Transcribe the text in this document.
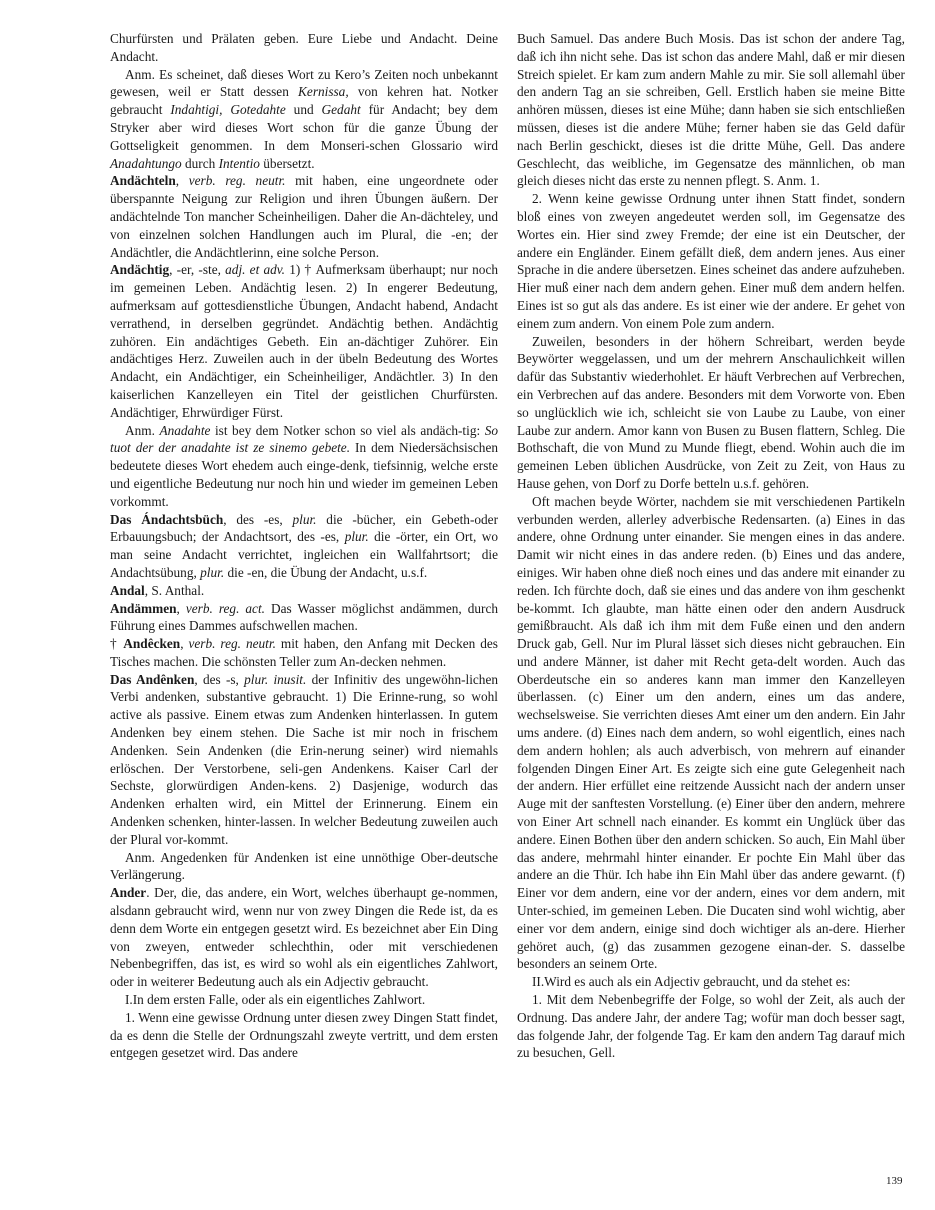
Churfürsten und Prälaten geben. Eure Liebe und Andacht. Deine Andacht.

Anm. Es scheinet, daß dieses Wort zu Kero’s Zeiten noch unbekannt gewesen, weil er Statt dessen Kernissa, von kehren hat. Notker gebraucht Indahtigi, Gotedahte und Gedaht für Andacht; bey dem Stryker aber wird dieses Wort schon für die ganze Übung der Gottseligkeit genommen. In dem Monseri-schen Glossario wird Anadahtungo durch Intentio übersetzt.

Andächteln, verb. reg. neutr. mit haben, eine ungeordnete oder überspannte Neigung zur Religion und ihren Übungen äußern. Der andächtelnde Ton mancher Scheinheiligen. Daher die An-dächteley, und von einzelnen solchen Handlungen auch im Plural, die -en; der Andächtler, die Andächtlerinn, eine solche Person.

Andächtig, -er, -ste, adj. et adv. 1) † Aufmerksam überhaupt; nur noch im gemeinen Leben. Andächtig lesen. 2) In engerer Bedeutung, aufmerksam auf gottesdienstliche Übungen, Andacht habend, Andacht verrathend, in derselben gegründet. Andächtig bethen. Andächtig zuhören. Ein andächtiges Gebeth. Ein an-dächtiger Zuhörer. Ein andächtiges Herz. Zuweilen auch in der übeln Bedeutung des Wortes Andacht, ein Andächtiger, ein Scheinheiliger, Andächtler. 3) In den kaiserlichen Kanzelleyen ein Titel der geistlichen Churfürsten. Andächtiger, Ehrwürdiger Fürst.

Anm. Anadahte ist bey dem Notker schon so viel als andäch-tig: So tuot der der anadahte ist ze sinemo gebete. In dem Niedersächsischen bedeutete dieses Wort ehedem auch einge-denk, tiefsinnig, welche erste und eigentliche Bedeutung nur noch hin und wieder im gemeinen Leben vorkommt.

Das Ándachtsbüch, des -es, plur. die -bücher, ein Gebeth-oder Erbauungsbuch; der Andachtsort, des -es, plur. die -örter, ein Ort, wo man seine Andacht verrichtet, ingleichen ein Wallfahrtsort; die Andachtsübung, plur. die -en, die Übung der Andacht, u.s.f.

Andal, S. Anthal.

Andämmen, verb. reg. act. Das Wasser möglichst andämmen, durch Führung eines Dammes aufschwellen machen.

† Andêcken, verb. reg. neutr. mit haben, den Anfang mit Decken des Tisches machen. Die schönsten Teller zum An-decken nehmen.

Das Andênken, des -s, plur. inusit. der Infinitiv des ungewöhn-lichen Verbi andenken, substantive gebraucht. 1) Die Erinne-rung, so wohl active als passive. Einem etwas zum Andenken hinterlassen. In gutem Andenken bey einem stehen. Die Sache ist mir noch in frischem Andenken. Sein Andenken (die Erin-nerung seiner) wird niemahls erlöschen. Der Verstorbene, seli-gen Andenkens. Kaiser Carl der Sechste, glorwürdigen Anden-kens. 2) Dasjenige, wodurch das Andenken erhalten wird, ein Mittel der Erinnerung. Einem ein Andenken schenken, hinter-lassen. In welcher Bedeutung zuweilen auch der Plural vor-kommt.

Anm. Angedenken für Andenken ist eine unnöthige Ober-deutsche Verlängerung.

Ander. Der, die, das andere, ein Wort, welches überhaupt ge-nommen, alsdann gebraucht wird, wenn nur von zwey Dingen die Rede ist, da es denn dem Worte ein entgegen gesetzt wird. Es bezeichnet aber Ein Ding von zweyen, entweder schlechthin, oder mit verschiedenen Nebenbegriffen, das ist, es wird so wohl als ein eigentliches Zahlwort, oder in weiterer Bedeutung auch als ein Adjectiv gebraucht.

I.In dem ersten Falle, oder als ein eigentliches Zahlwort.

1. Wenn eine gewisse Ordnung unter diesen zwey Dingen Statt findet, da es denn die Stelle der Ordnungszahl zweyte vertritt, und dem ersten entgegen gesetzet wird. Das andere

Buch Samuel. Das andere Buch Mosis. Das ist schon der andere Tag, daß ich ihn nicht sehe. Das ist schon das andere Mahl, daß er mir diesen Streich spielet. Er kam zum andern Mahle zu mir. Sie soll allemahl über den andern Tag an sie schreiben, Gell. Erstlich haben sie meine Bitte anhören müssen, dieses ist eine Mühe; dann haben sie sich entschließen müssen, dieses ist die andere Mühe; ferner haben sie das Geld dafür nach Berlin geschickt, dieses ist die dritte Mühe, Gell. Das andere Geschlecht, das weibliche, im Gegensatze des männlichen, ob man gleich dieses nicht das erste zu nennen pflegt. S. Anm. 1.

2. Wenn keine gewisse Ordnung unter ihnen Statt findet, sondern bloß eines von zweyen angedeutet werden soll, im Gegensatze des Wortes ein. Hier sind zwey Fremde; der eine ist ein Deutscher, der andere ein Engländer. Einem gefällt dieß, dem andern jenes. Aus einer Sprache in die andere übersetzen. Eines scheinet das andere aufzuheben. Hier muß einer nach dem andern gehen. Einer muß dem andern helfen. Eines ist so gut als das andere. Es ist einer wie der andere. Er gehet von einem zum andern. Von einem Pole zum andern.

Zuweilen, besonders in der höhern Schreibart, werden beyde Beywörter weggelassen, und um der mehrern Anschaulichkeit willen dafür das Substantiv wiederhohlet. Er häuft Verbrechen auf Verbrechen, ein Verbrechen auf das andere. Besonders mit dem Vorworte von. Eben so unglücklich wie ich, schleicht sie von Laube zu Laube, von einer Laube zur andern. Amor kann von Busen zu Busen flattern, Schleg. Die Bothschaft, die von Mund zu Munde fliegt, ebend. Wohin auch die im gemeinen Leben üblichen Ausdrücke, von Zeit zu Zeit, von Haus zu Hause gehen, von Dorf zu Dorfe betteln u.s.f. gehören.

Oft machen beyde Wörter, nachdem sie mit verschiedenen Partikeln verbunden werden, allerley adverbische Redensarten. (a) Eines in das andere, ohne Ordnung unter einander. Sie mengen eines in das andere. Damit wir nicht eines in das andere reden. (b) Eines und das andere, einiges. Wir haben ohne dieß noch eines und das andere mit einander zu reden. Ich fürchte doch, daß sie eines und das andere von ihm geschenkt be-kommt. Ich glaubte, man hätte einen oder den andern Ausdruck gemißbraucht. Als daß ich ihm mit dem Fuße einen und den andern Druck gab, Gell. Nur im Plural lässet sich dieses nicht gebrauchen. Ein und andere Männer, ist daher mit Recht geta-delt worden. Auch das Oberdeutsche ein so anderes kann man immer den Kanzelleyen überlassen. (c) Einer um den andern, eines um das andere, wechselsweise. Sie verrichten dieses Amt einer um den andern. Ein Jahr ums andere. (d) Eines nach dem andern, so wohl eigentlich, eines nach dem andern hohlen; als auch adverbisch, von mehrern auf einander folgenden Dingen Einer Art. Es zeigte sich eine gute Gelegenheit nach der andern. Hier erfüllet eine reitzende Aussicht nach der andern unser Auge mit der sanftesten Vorstellung. (e) Einer über den andern, mehrere von Einer Art schnell nach einander. Es kommt ein Unglück über das andere. Einen Bothen über den andern schicken. So auch, Ein Mahl über das andere, mehrmahl hinter einander. Er pochte Ein Mahl über das andere an die Thür. Ich habe ihn Ein Mahl über das andere gewarnt. (f) Einer vor dem andern, eine vor der andern, eines vor dem andern, mit Unter-schied, im gemeinen Leben. Die Ducaten sind wohl wichtig, aber einer vor dem andern, einige sind doch wichtiger als an-dere. Hierher gehöret auch, (g) das zusammen gezogene einan-der. S. dasselbe besonders an seinem Orte.

II.Wird es auch als ein Adjectiv gebraucht, und da stehet es:

1. Mit dem Nebenbegriffe der Folge, so wohl der Zeit, als auch der Ordnung. Das andere Jahr, der andere Tag; wofür man doch besser sagt, das folgende Jahr, der folgende Tag. Er kam den andern Tag darauf mich zu besuchen, Gell.

139
